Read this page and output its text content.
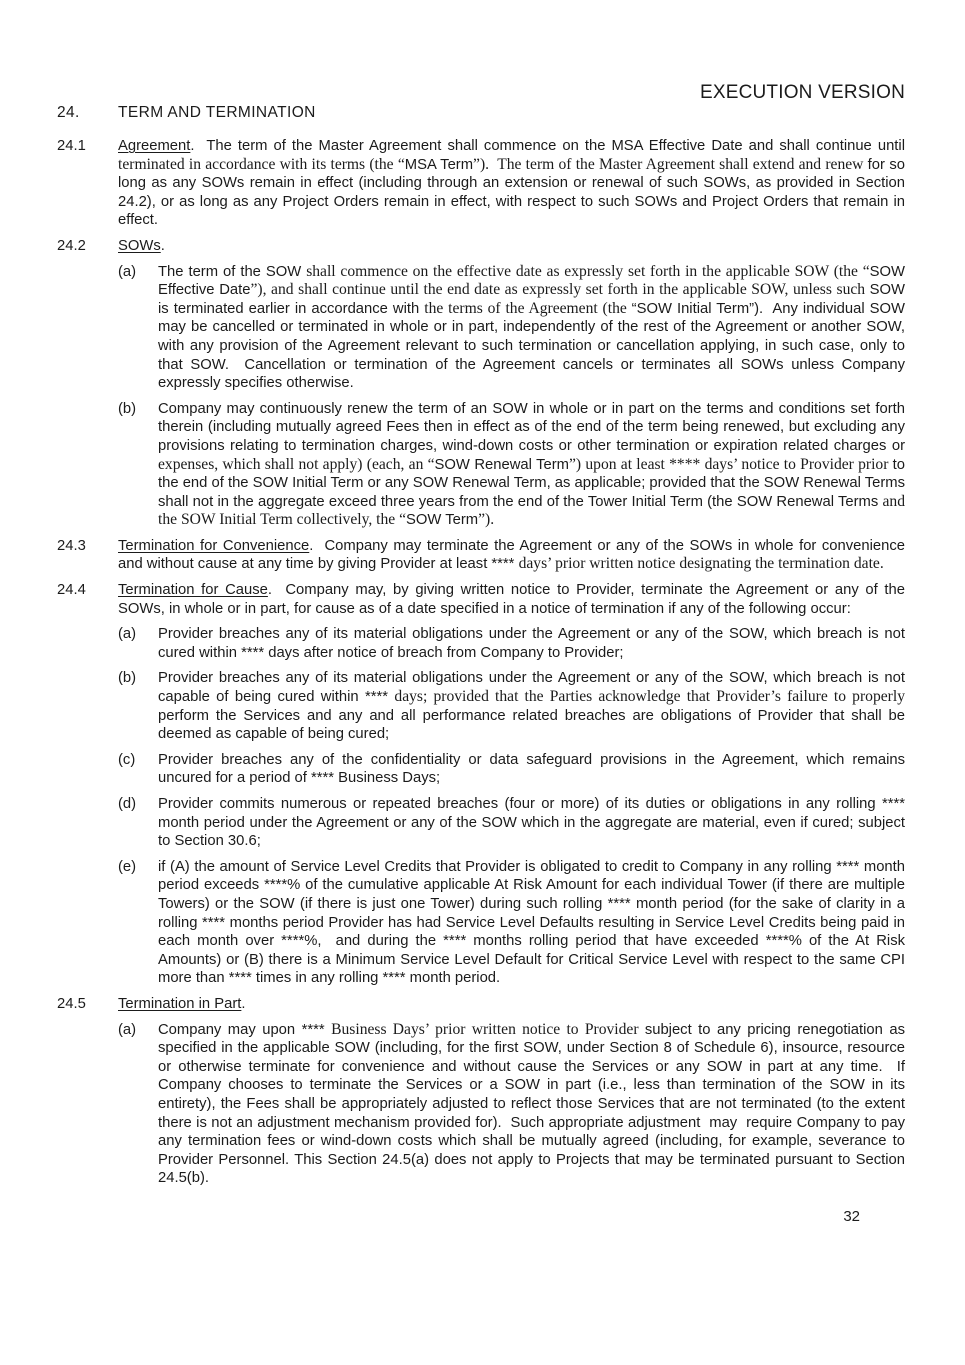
EXECUTION VERSION
24.	TERM AND TERMINATION
24.1	Agreement.  The term of the Master Agreement shall commence on the MSA Effective Date and shall continue until terminated in accordance with its terms (the “MSA Term”).  The term of the Master Agreement shall extend and renew for so long as any SOWs remain in effect (including through an extension or renewal of such SOWs, as provided in Section 24.2), or as long as any Project Orders remain in effect, with respect to such SOWs and Project Orders that remain in effect.

24.2	SOWs.

(a)	The term of the SOW shall commence on the effective date as expressly set forth in the applicable SOW (the “SOW Effective Date”), and shall continue until the end date as expressly set forth in the applicable SOW, unless such SOW is terminated earlier in accordance with the terms of the Agreement (the “SOW Initial Term”).  Any individual SOW may be cancelled or terminated in whole or in part, independently of the rest of the Agreement or another SOW, with any provision of the Agreement relevant to such termination or cancellation applying, in such case, only to that SOW.  Cancellation or termination of the Agreement cancels or terminates all SOWs unless Company expressly specifies otherwise.

(b)	Company may continuously renew the term of an SOW in whole or in part on the terms and conditions set forth therein (including mutually agreed Fees then in effect as of the end of the term being renewed, but excluding any provisions relating to termination charges, wind-down costs or other termination or expiration related charges or expenses, which shall not apply) (each, an “SOW Renewal Term”) upon at least **** days’ notice to Provider prior to the end of the SOW Initial Term or any SOW Renewal Term, as applicable; provided that the SOW Renewal Terms shall not in the aggregate exceed three years from the end of the Tower Initial Term (the SOW Renewal Terms and the SOW Initial Term collectively, the “SOW Term”).

24.3	Termination for Convenience.  Company may terminate the Agreement or any of the SOWs in whole for convenience and without cause at any time by giving Provider at least **** days’ prior written notice designating the termination date.

24.4	Termination for Cause.  Company may, by giving written notice to Provider, terminate the Agreement or any of the SOWs, in whole or in part, for cause as of a date specified in a notice of termination if any of the following occur:

(a)	Provider breaches any of its material obligations under the Agreement or any of the SOW, which breach is not cured within **** days after notice of breach from Company to Provider;

(b)	Provider breaches any of its material obligations under the Agreement or any of the SOW, which breach is not capable of being cured within **** days; provided that the Parties acknowledge that Provider’s failure to properly perform the Services and any and all performance related breaches are obligations of Provider that shall be deemed as capable of being cured;

(c)	Provider breaches any of the confidentiality or data safeguard provisions in the Agreement, which remains uncured for a period of **** Business Days;

(d)	Provider commits numerous or repeated breaches (four or more) of its duties or obligations in any rolling **** month period under the Agreement or any of the SOW which in the aggregate are material, even if cured; subject to Section 30.6;

(e)	if (A) the amount of Service Level Credits that Provider is obligated to credit to Company in any rolling **** month period exceeds ****% of the cumulative applicable At Risk Amount for each individual Tower (if there are multiple Towers) or the SOW (if there is just one Tower) during such rolling **** month period (for the sake of clarity in a rolling **** months period Provider has had Service Level Defaults resulting in Service Level Credits being paid in each month over ****%,  and during the **** months rolling period that have exceeded ****% of the At Risk Amounts) or (B) there is a Minimum Service Level Default for Critical Service Level with respect to the same CPI more than **** times in any rolling **** month period.

24.5	Termination in Part.

(a)	Company may upon **** Business Days’ prior written notice to Provider subject to any pricing renegotiation as specified in the applicable SOW (including, for the first SOW, under Section 8 of Schedule 6), insource, resource or otherwise terminate for convenience and without cause the Services or any SOW in part at any time.  If Company chooses to terminate the Services or a SOW in part (i.e., less than termination of the SOW in its entirety), the Fees shall be appropriately adjusted to reflect those Services that are not terminated (to the extent there is not an adjustment mechanism provided for).  Such appropriate adjustment  may  require Company to pay any termination fees or wind-down costs which shall be mutually agreed (including, for example, severance to Provider Personnel. This Section 24.5(a) does not apply to Projects that may be terminated pursuant to Section 24.5(b).

32
